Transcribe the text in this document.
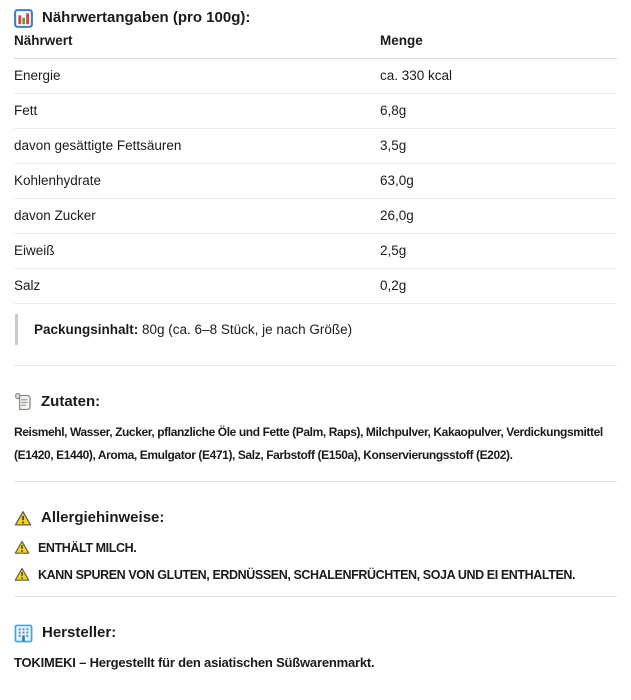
Nährwertangaben (pro 100g):
Nährwert	Menge
Energie	ca. 330 kcal
Fett	6,8g
davon gesättigte Fettsäuren	3,5g
Kohlenhydrate	63,0g
davon Zucker	26,0g
Eiweiß	2,5g
Salz	0,2g
Packungsinhalt: 80g (ca. 6–8 Stück, je nach Größe)
Zutaten:
Reismehl, Wasser, Zucker, pflanzliche Öle und Fette (Palm, Raps), Milchpulver, Kakaopulver, Verdickungsmittel (E1420, E1440), Aroma, Emulgator (E471), Salz, Farbstoff (E150a), Konservierungsstoff (E202).
Allergiehinweise:
ENTHÄLT MILCH.
KANN SPUREN VON GLUTEN, ERDNÜSSEN, SCHALENFRÜCHTEN, SOJA UND EI ENTHALTEN.
Hersteller:
TOKIMEKI – Hergestellt für den asiatischen Süßwarenmarkt.
